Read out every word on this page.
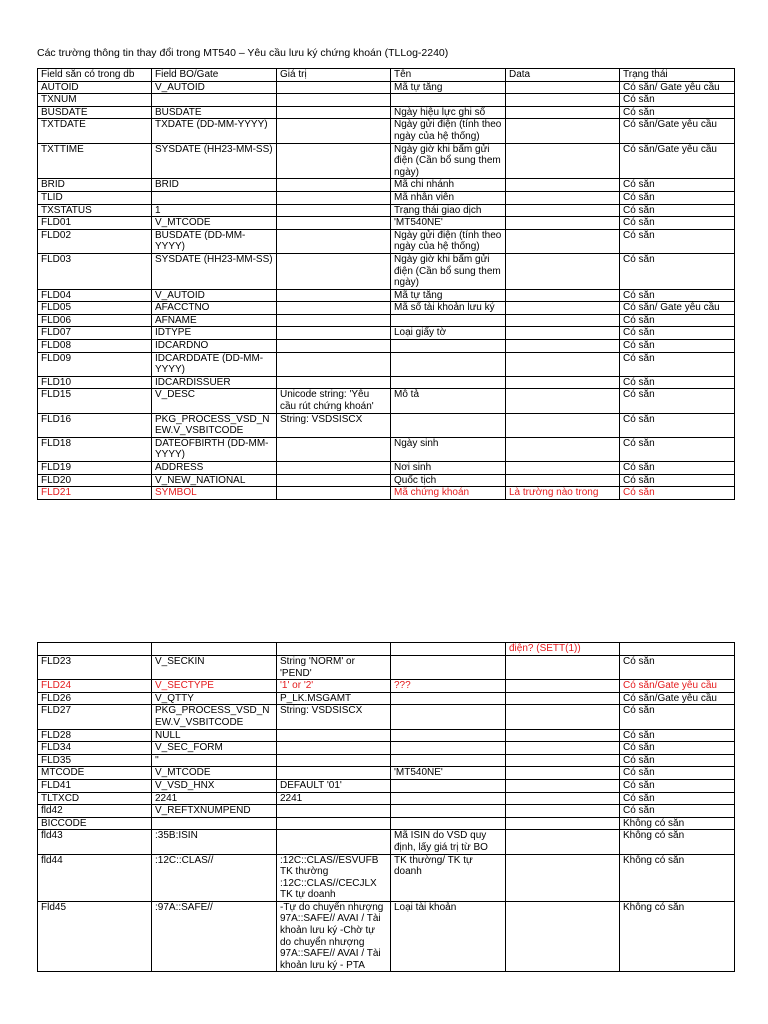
Các trường thông tin thay đổi trong MT540 – Yêu cầu lưu ký chứng khoán (TLLog-2240)
Field sẵn có trong db	Field BO/Gate	Giá trị	Tên	Data	Trạng thái
AUTOID	V_AUTOID		Mã tự tăng		Có sẵn/ Gate yêu cầu
TXNUM					Có sẵn
BUSDATE	BUSDATE		Ngày hiệu lực ghi sổ		Có sẵn
TXTDATE	TXDATE (DD-MM-YYYY)		Ngày gửi điện (tính theo ngày của hệ thống)		Có sẵn/Gate yêu cầu
TXTTIME	SYSDATE (HH23-MM-SS)		Ngày giờ khi bấm gửi điện (Cần bổ sung them ngày)		Có sẵn/Gate yêu cầu
BRID	BRID		Mã chi nhánh		Có sẵn
TLID			Mã nhân viên		Có sẵn
TXSTATUS	1		Trạng thái giao dịch		Có sẵn
FLD01	V_MTCODE		'MT540NE'		Có sẵn
FLD02	BUSDATE (DD-MM-YYYY)		Ngày gửi điện (tính theo ngày của hệ thống)		Có sẵn
FLD03	SYSDATE (HH23-MM-SS)		Ngày giờ khi bấm gửi điện (Cần bổ sung them ngày)		Có sẵn
FLD04	V_AUTOID		Mã tự tăng		Có sẵn
FLD05	AFACCTNO		Mã số tài khoản lưu ký		Có sẵn/ Gate yêu cầu
FLD06	AFNAME				Có sẵn
FLD07	IDTYPE		Loại giấy tờ		Có sẵn
FLD08	IDCARDNO				Có sẵn
FLD09	IDCARDDATE (DD-MM-YYYY)				Có sẵn
FLD10	IDCARDISSUER				Có sẵn
FLD15	V_DESC	Unicode string: 'Yêu cầu rút chứng khoán'	Mô tả		Có sẵn
FLD16	PKG_PROCESS_VSD_NEW.V_VSBITCODE	String: VSDSISCX			Có sẵn
FLD18	DATEOFBIRTH (DD-MM-YYYY)		Ngày sinh		Có sẵn
FLD19	ADDRESS		Nơi sinh		Có sẵn
FLD20	V_NEW_NATIONAL		Quốc tịch		Có sẵn
FLD21	SYMBOL		Mã chứng khoán	Là trường nào trong	Có sẵn
				điện? (SETT(1))	
FLD23	V_SECKIN	String 'NORM' or 'PEND'			Có sẵn
FLD24	V_SECTYPE	'1' or '2'	???		Có sẵn/Gate yêu cầu
FLD26	V_QTTY	P_LK.MSGAMT			Có sẵn/Gate yêu cầu
FLD27	PKG_PROCESS_VSD_NEW.V_VSBITCODE	String: VSDSISCX			Có sẵn
FLD28	NULL				Có sẵn
FLD34	V_SEC_FORM				Có sẵn
FLD35	''				Có sẵn
MTCODE	V_MTCODE		'MT540NE'		Có sẵn
FLD41	V_VSD_HNX	DEFAULT '01'			Có sẵn
TLTXCD	2241	2241			Có sẵn
fld42	V_REFTXNUMPEND				Có sẵn
BICCODE					Không có sẵn
fld43	:35B:ISIN		Mã ISIN do VSD quy định, lấy giá trị từ BO		Không có sẵn
fld44	:12C::CLAS//	:12C::CLAS//ESVUFB TK thường :12C::CLAS//CECJLX TK tự doanh	TK thường/ TK tự doanh		Không có sẵn
Fld45	:97A::SAFE//	-Tự do chuyển nhượng 97A::SAFE// AVAI / Tài khoản lưu ký -Chờ tự do chuyển nhượng 97A::SAFE// AVAI / Tài khoản lưu ký - PTA	Loại tài khoản		Không có sẵn
